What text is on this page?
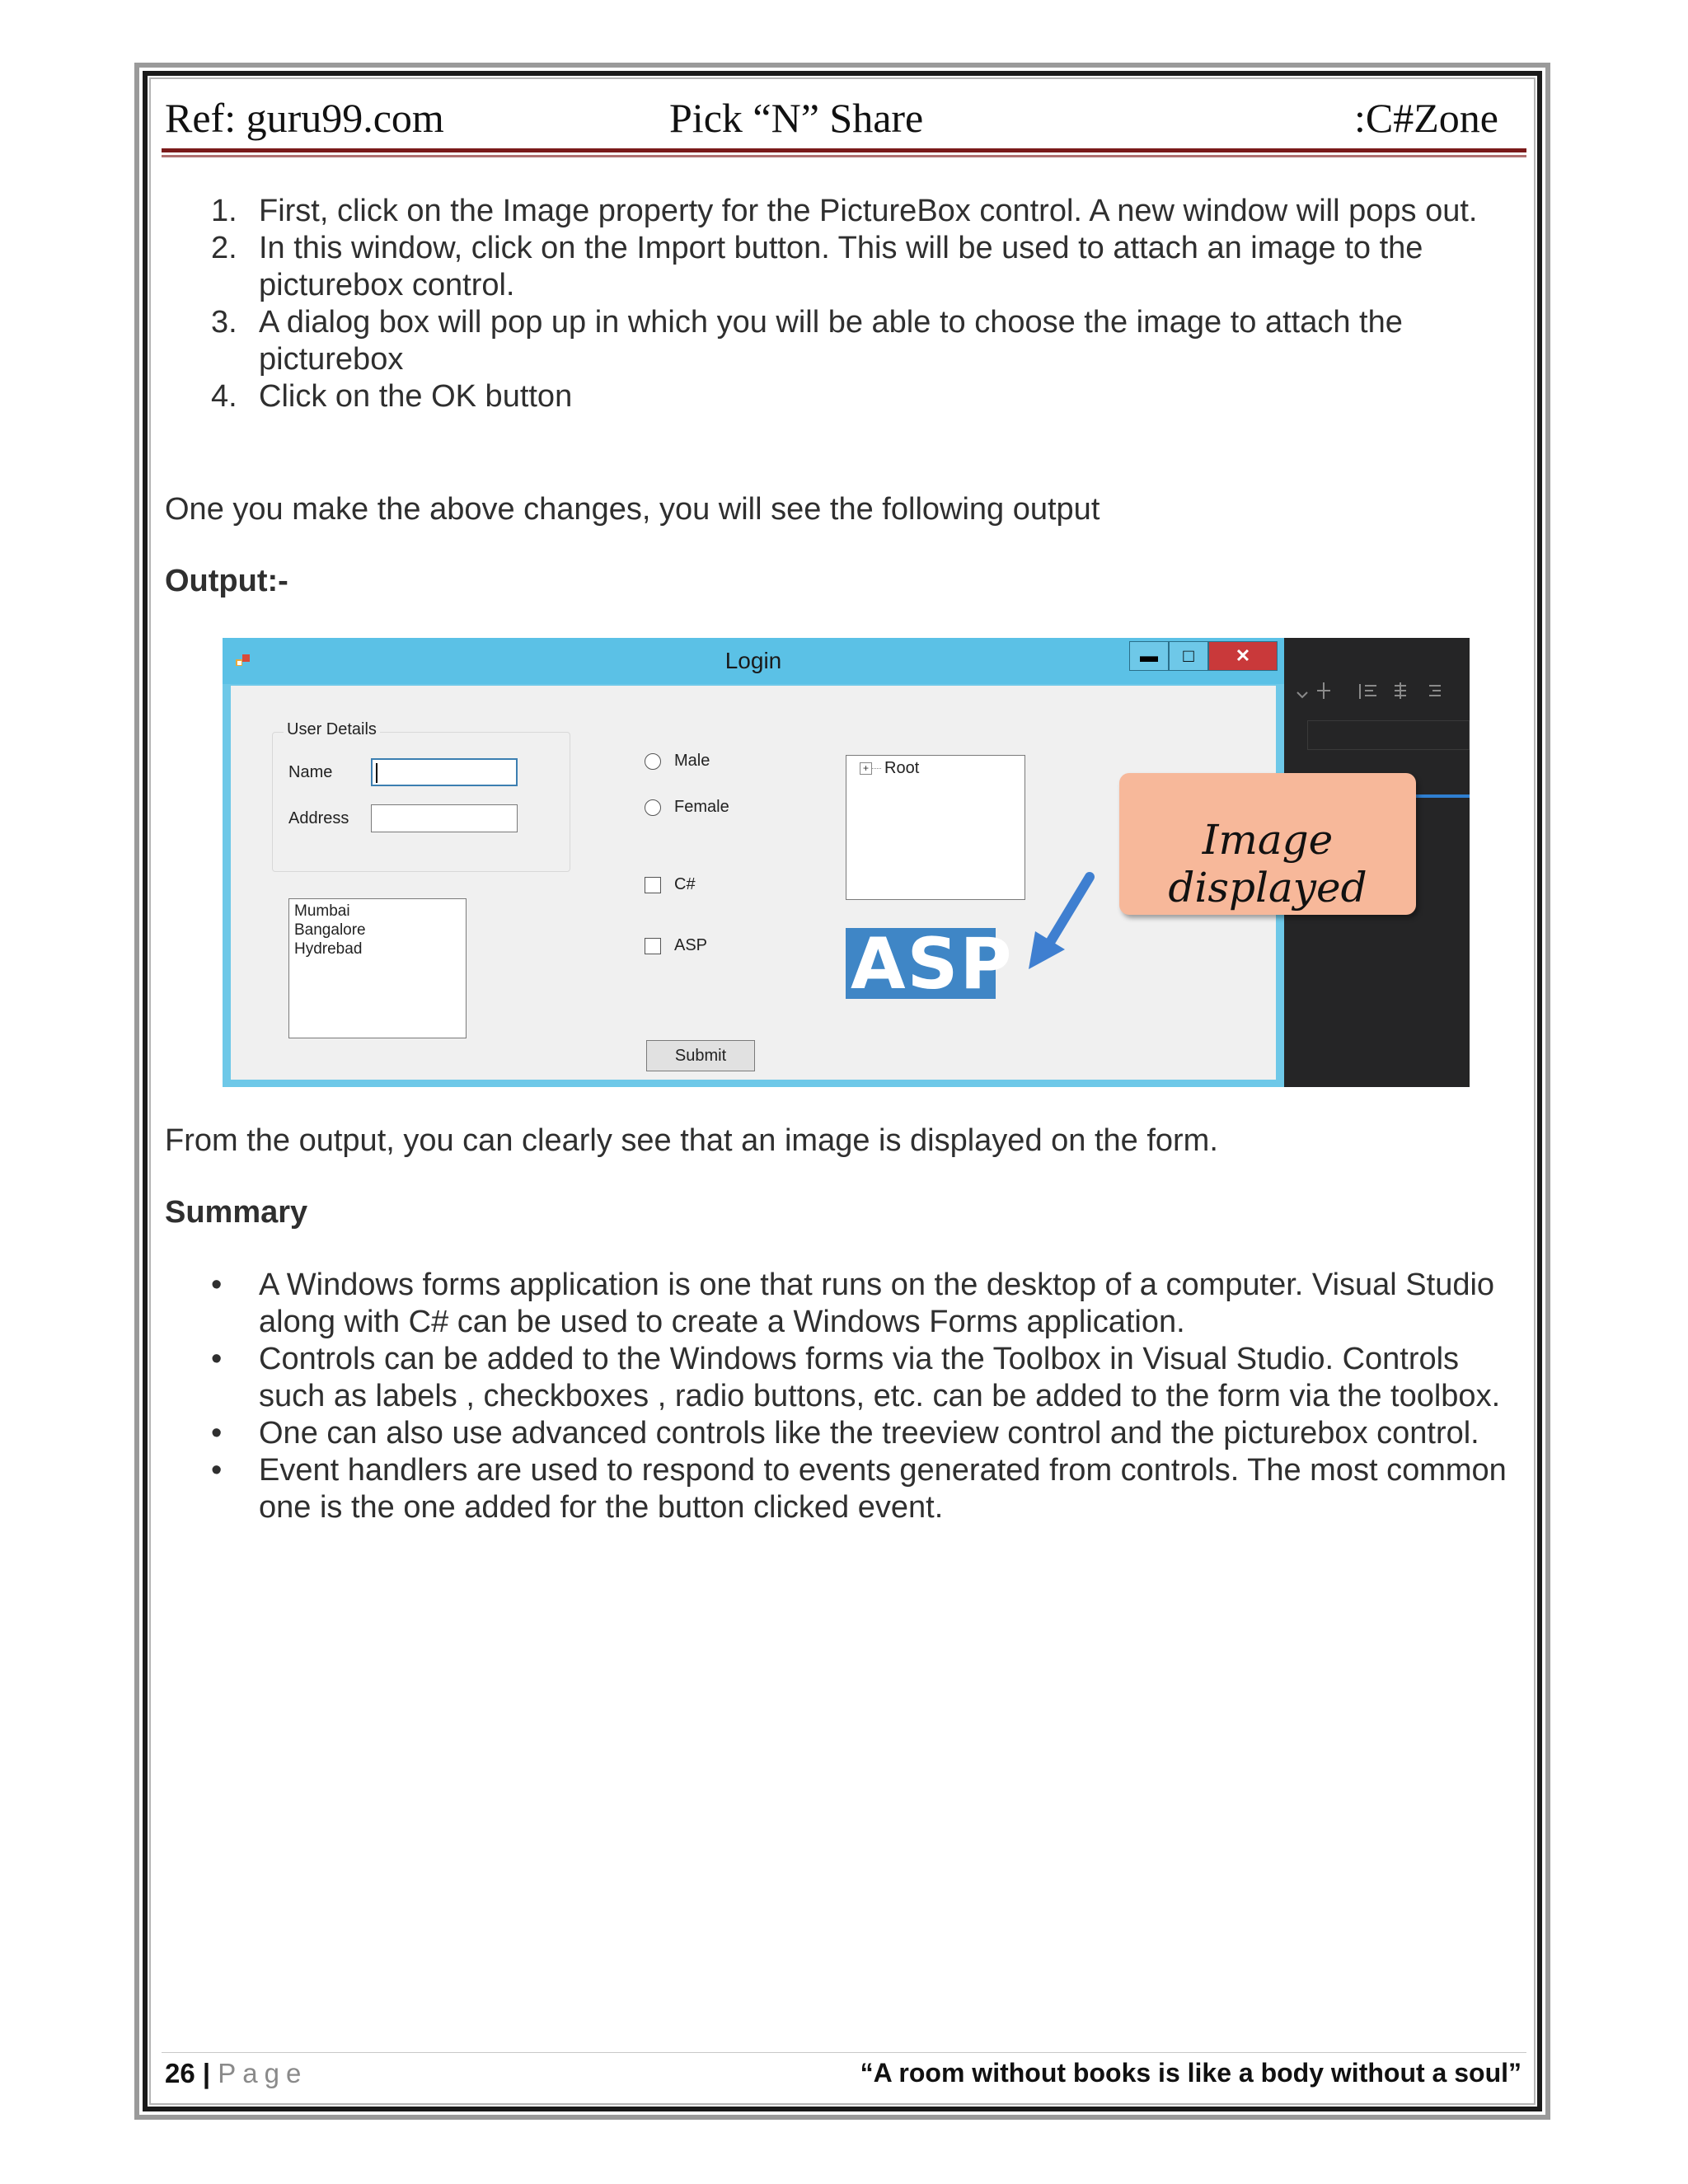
Ref: guru99.com	Pick “N” Share	:C#Zone
1. First, click on the Image property for the PictureBox control. A new window will pops out.
2. In this window, click on the Import button. This will be used to attach an image to the picturebox control.
3. A dialog box will pop up in which you will be able to choose the image to attach the picturebox
4. Click on the OK button
One you make the above changes, you will see the following output
Output:-
Login	▬	□	✕
User Details
Name
Address
Mumbai
Bangalore
Hydrebad
Male
Female
C#
ASP
Submit
+ Root
ASP
Image displayed
From the output, you can clearly see that an image is displayed on the form.
Summary
• A Windows forms application is one that runs on the desktop of a computer. Visual Studio along with C# can be used to create a Windows Forms application.
• Controls can be added to the Windows forms via the Toolbox in Visual Studio. Controls such as labels , checkboxes , radio buttons, etc. can be added to the form via the toolbox.
• One can also use advanced controls like the treeview control and the picturebox control.
• Event handlers are used to respond to events generated from controls. The most common one is the one added for the button clicked event.
26 | Page	“A room without books is like a body without a soul”
